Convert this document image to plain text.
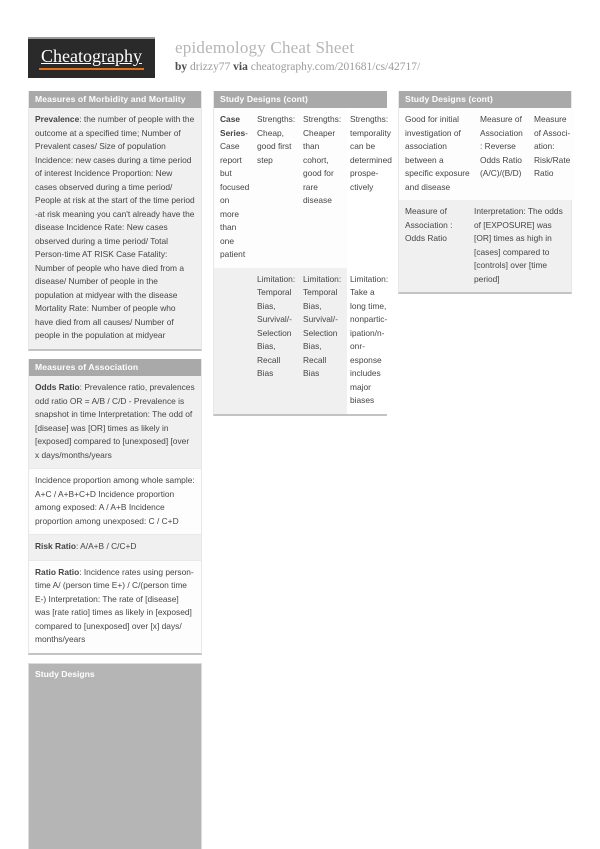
Cheatography epidemology Cheat Sheet
by drizzy77 via cheatography.com/201681/cs/42717/
Measures of Morbidity and Mortality
Prevalence: the number of people with the outcome at a specified time; Number of Prevalent cases/ Size of population Incidence: new cases during a time period of interest Incidence Proportion: New cases observed during a time period/ People at risk at the start of the time period -at risk meaning you can't already have the disease Incidence Rate: New cases observed during a time period/ Total Person-time AT RISK Case Fatality: Number of people who have died from a disease/ Number of people in the population at midyear with the disease Mortality Rate: Number of people who have died from all causes/ Number of people in the population at midyear
Measures of Association
Odds Ratio: Prevalence ratio, prevalences odd ratio OR = A/B / C/D - Prevalence is snapshot in time Interpretation: The odd of [disease] was [OR] times as likely in [exposed] compared to [unexposed] [over x days/months/years
Incidence proportion among whole sample: A+C / A+B+C+D Incidence proportion among exposed: A / A+B Incidence proportion among unexposed: C / C+D
Risk Ratio: A/A+B / C/C+D
Ratio Ratio: Incidence rates using person-time A/ (person time E+) / C/(person time E-) Interpretation: The rate of [disease] was [rate ratio] times as likely in [exposed] compared to [unexposed] over [x] days/ months/years
Study Designs
Study Designs (cont)
Case Series- Case report but focused on more than one patient
Strengths: Cheap, good first step
Strengths: Cheaper than cohort, good for rare disease
Strengths: temporality can be determined prospe-ctively
Limitation: Temporal Bias, Survival/-Selection Bias, Recall Bias
Limitation: Temporal Bias, Survival/-Selection Bias, Recall Bias
Limitation: Take a long time, nonpartic-ipation/n-onr-esponse includes major biases
Study Designs (cont)
Good for initial investigation of association between a specific exposure and disease
Measure of Association : Reverse Odds Ratio (A/C)/(B/D)
Measure of Associ-ation: Risk/Rate Ratio
Measure of Association : Odds Ratio
Interpretation: The odds of [EXPOSURE] was [OR] times as high in [cases] compared to [controls] over [time period]
